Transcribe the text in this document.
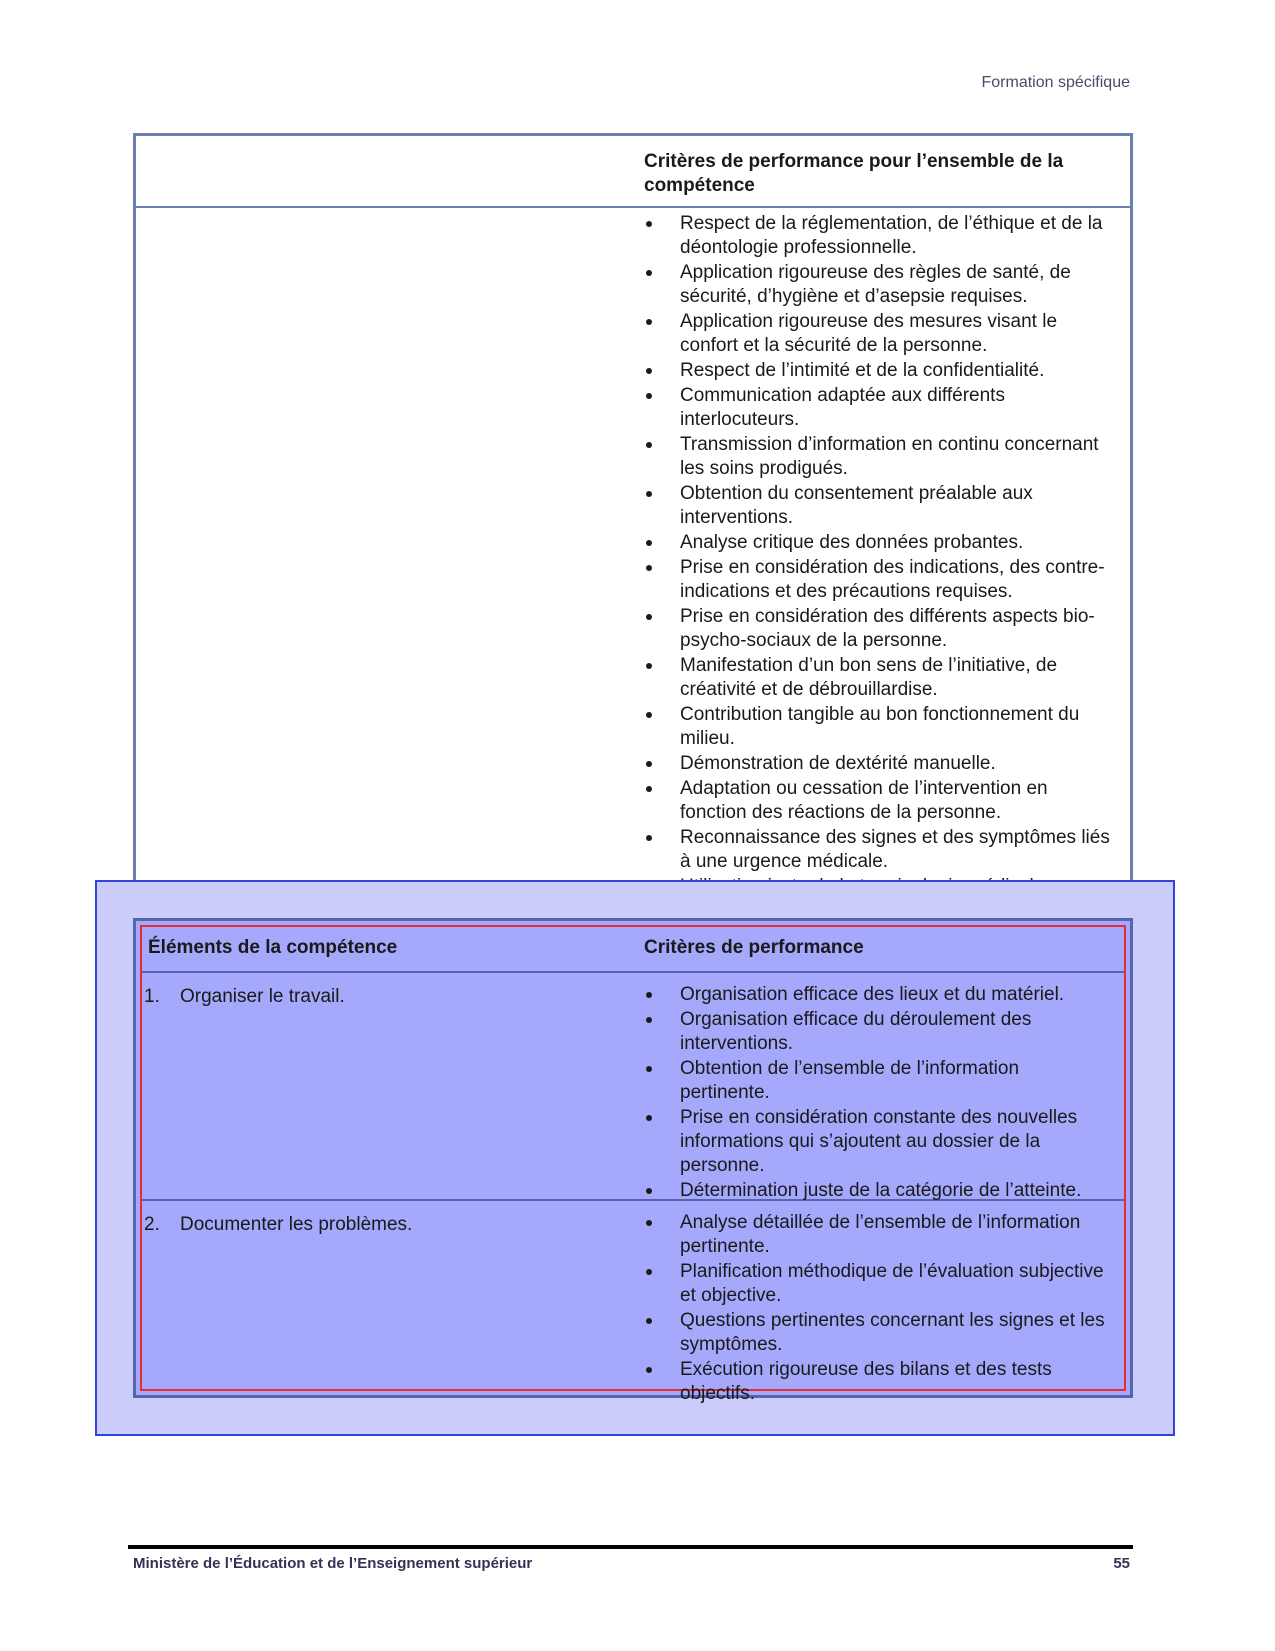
Formation spécifique
Critères de performance pour l’ensemble de la compétence
Respect de la réglementation, de l’éthique et de la déontologie professionnelle.
Application rigoureuse des règles de santé, de sécurité, d’hygiène et d’asepsie requises.
Application rigoureuse des mesures visant le confort et la sécurité de la personne.
Respect de l’intimité et de la confidentialité.
Communication adaptée aux différents interlocuteurs.
Transmission d’information en continu concernant les soins prodigués.
Obtention du consentement préalable aux interventions.
Analyse critique des données probantes.
Prise en considération des indications, des contre-indications et des précautions requises.
Prise en considération des différents aspects bio-psycho-sociaux de la personne.
Manifestation d’un bon sens de l’initiative, de créativité et de débrouillardise.
Contribution tangible au bon fonctionnement du milieu.
Démonstration de dextérité manuelle.
Adaptation ou cessation de l’intervention en fonction des réactions de la personne.
Reconnaissance des signes et des symptômes liés à une urgence médicale.
Éléments de la compétence	Critères de performance
1. Organiser le travail.	Organisation efficace des lieux et du matériel.
Organisation efficace du déroulement des interventions.
Obtention de l’ensemble de l’information pertinente.
Prise en considération constante des nouvelles informations qui s’ajoutent au dossier de la personne.
Détermination juste de la catégorie de l’atteinte.
2. Documenter les problèmes.	Analyse détaillée de l’ensemble de l’information pertinente.
Planification méthodique de l’évaluation subjective et objective.
Questions pertinentes concernant les signes et les symptômes.
Exécution rigoureuse des bilans et des tests objectifs.
Ministère de l’Éducation et de l’Enseignement supérieur	55
